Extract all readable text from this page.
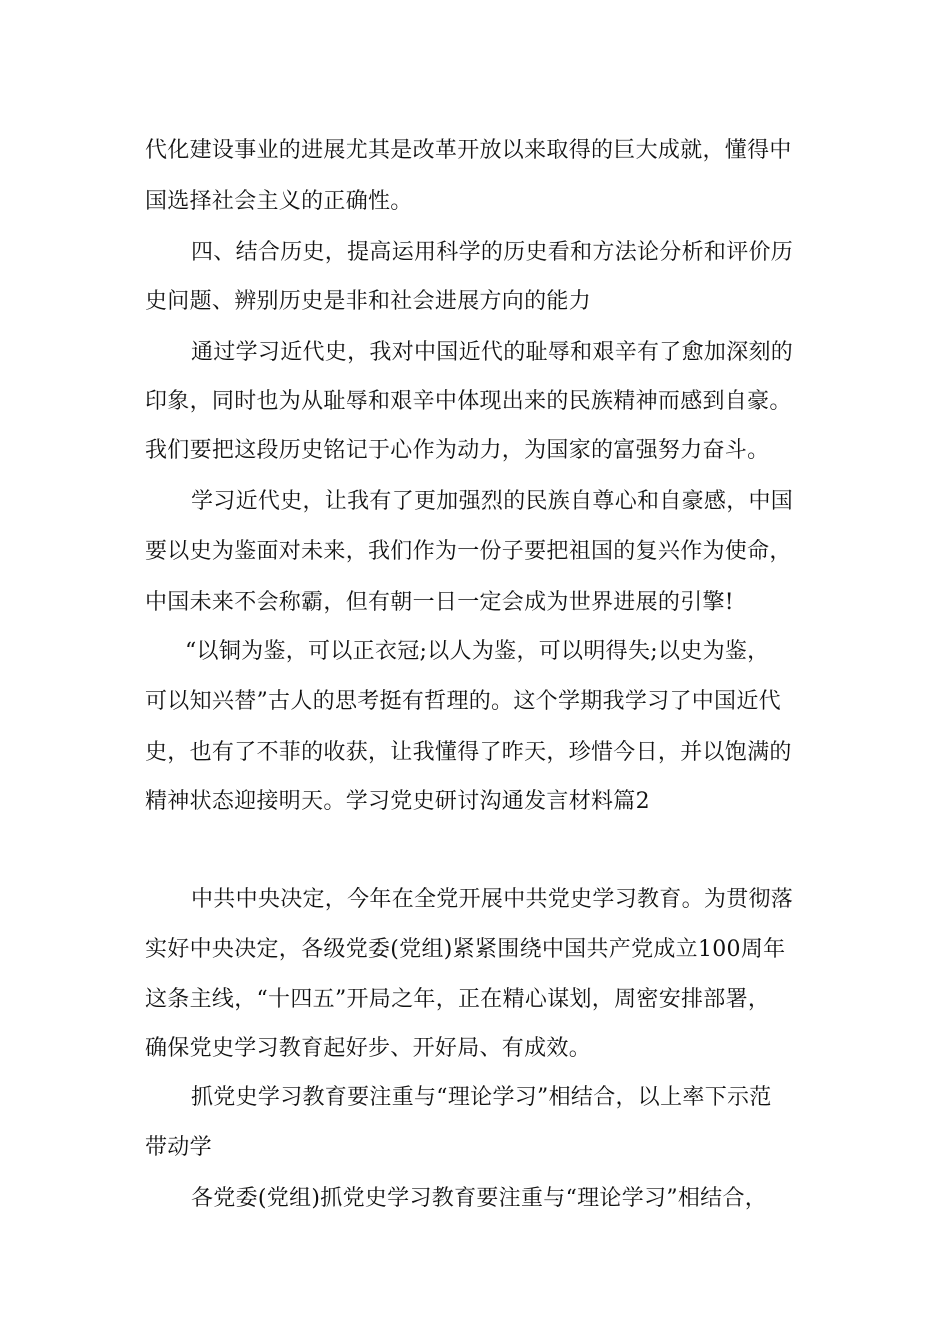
代化建设事业的进展尤其是改革开放以来取得的巨大成就，懂得中
国选择社会主义的正确性。
四、结合历史，提高运用科学的历史看和方法论分析和评价历
史问题、辨别历史是非和社会进展方向的能力
通过学习近代史，我对中国近代的耻辱和艰辛有了愈加深刻的
印象，同时也为从耻辱和艰辛中体现出来的民族精神而感到自豪。
我们要把这段历史铭记于心作为动力，为国家的富强努力奋斗。
学习近代史，让我有了更加强烈的民族自尊心和自豪感，中国
要以史为鉴面对未来，我们作为一份子要把祖国的复兴作为使命，
中国未来不会称霸，但有朝一日一定会成为世界进展的引擎!
“以铜为鉴，可以正衣冠;以人为鉴，可以明得失;以史为鉴，
可以知兴替”古人的思考挺有哲理的。这个学期我学习了中国近代
史，也有了不菲的收获，让我懂得了昨天，珍惜今日，并以饱满的
精神状态迎接明天。学习党史研讨沟通发言材料篇2
中共中央决定，今年在全党开展中共党史学习教育。为贯彻落
实好中央决定，各级党委(党组)紧紧围绕中国共产党成立100周年
这条主线，“十四五”开局之年，正在精心谋划，周密安排部署，
确保党史学习教育起好步、开好局、有成效。
抓党史学习教育要注重与“理论学习”相结合，以上率下示范
带动学
各党委(党组)抓党史学习教育要注重与“理论学习”相结合，
